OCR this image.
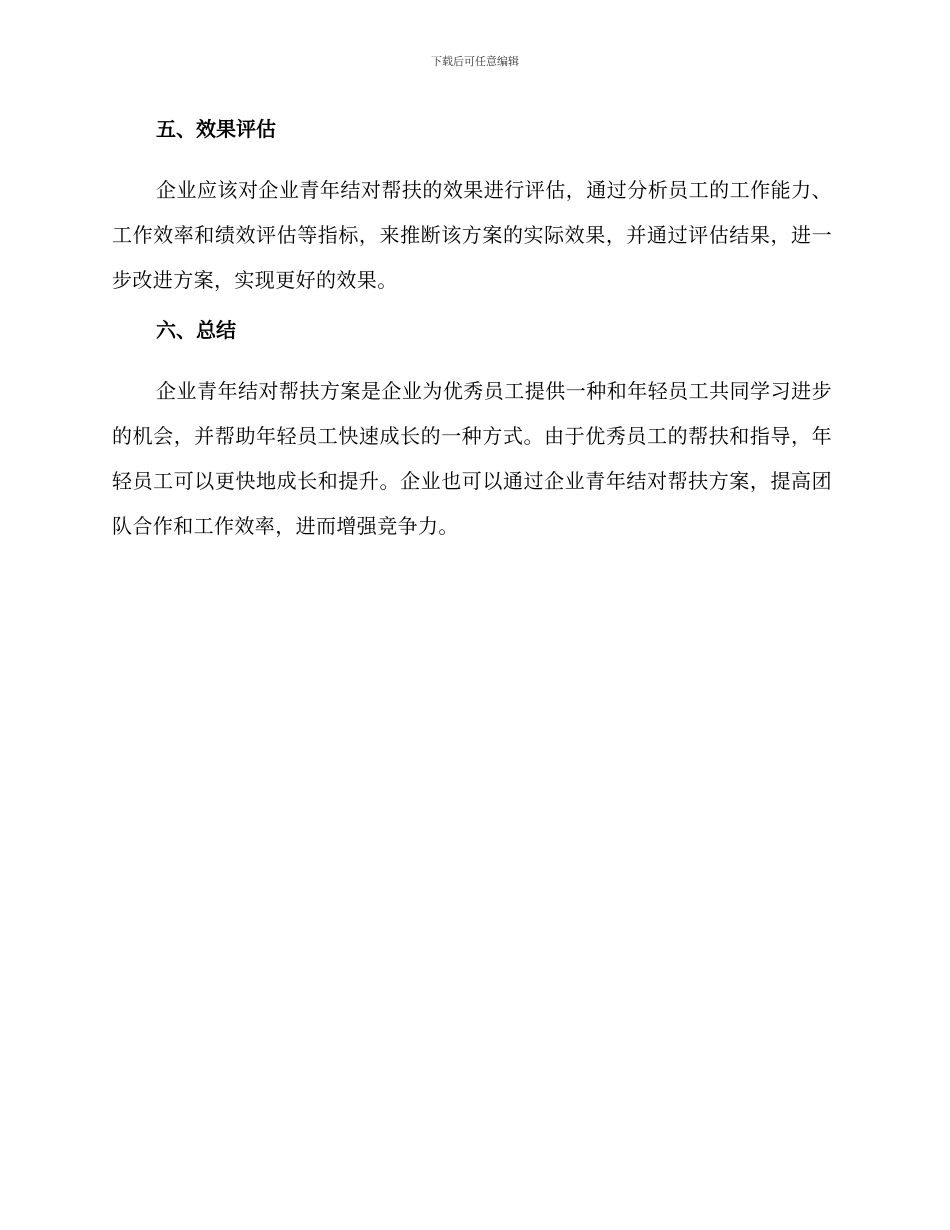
下载后可任意编辑
五、效果评估

企业应该对企业青年结对帮扶的效果进行评估，通过分析员工的工作能力、工作效率和绩效评估等指标，来推断该方案的实际效果，并通过评估结果，进一步改进方案，实现更好的效果。

六、总结

企业青年结对帮扶方案是企业为优秀员工提供一种和年轻员工共同学习进步的机会，并帮助年轻员工快速成长的一种方式。由于优秀员工的帮扶和指导，年轻员工可以更快地成长和提升。企业也可以通过企业青年结对帮扶方案，提高团队合作和工作效率，进而增强竞争力。
